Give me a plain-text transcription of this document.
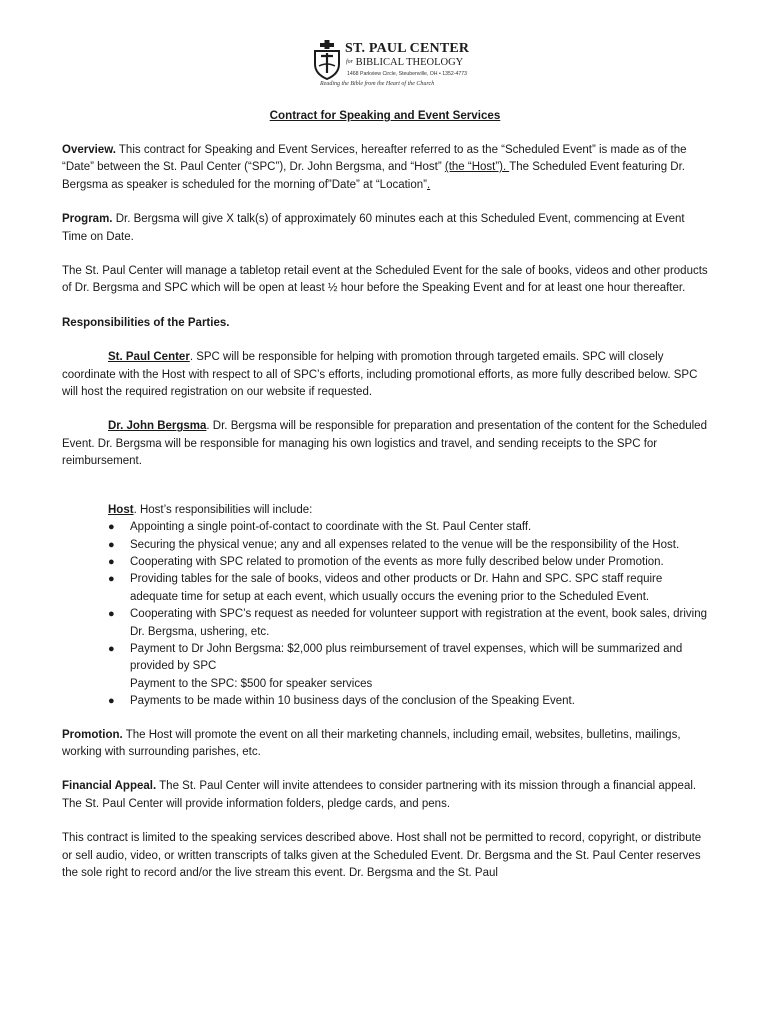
ST. PAUL CENTER
for BIBLICAL THEOLOGY
1468 Parkview Circle, Steubenville, OH • 1352-4773
Reading the Bible from the Heart of the Church
Contract for Speaking and Event Services

Overview. This contract for Speaking and Event Services, hereafter referred to as the “Scheduled Event” is made as of the “Date” between the St. Paul Center (“SPC”), Dr. John Bergsma, and “Host” (the “Host”). The Scheduled Event featuring Dr. Bergsma as speaker is scheduled for the morning of”Date” at “Location”.

Program. Dr. Bergsma will give X talk(s) of approximately 60 minutes each at this Scheduled Event, commencing at Event Time on Date.

The St. Paul Center will manage a tabletop retail event at the Scheduled Event for the sale of books, videos and other products of Dr. Bergsma and SPC which will be open at least ½ hour before the Speaking Event and for at least one hour thereafter.

Responsibilities of the Parties.

St. Paul Center. SPC will be responsible for helping with promotion through targeted emails. SPC will closely coordinate with the Host with respect to all of SPC’s efforts, including promotional efforts, as more fully described below. SPC will host the required registration on our website if requested.

Dr. John Bergsma. Dr. Bergsma will be responsible for preparation and presentation of the content for the Scheduled Event. Dr. Bergsma will be responsible for managing his own logistics and travel, and sending receipts to the SPC for reimbursement.

Host. Host’s responsibilities will include:
● Appointing a single point-of-contact to coordinate with the St. Paul Center staff.
● Securing the physical venue; any and all expenses related to the venue will be the responsibility of the Host.
● Cooperating with SPC related to promotion of the events as more fully described below under Promotion.
● Providing tables for the sale of books, videos and other products or Dr. Hahn and SPC. SPC staff require adequate time for setup at each event, which usually occurs the evening prior to the Scheduled Event.
● Cooperating with SPC’s request as needed for volunteer support with registration at the event, book sales, driving Dr. Bergsma, ushering, etc.
● Payment to Dr John Bergsma: $2,000 plus reimbursement of travel expenses, which will be summarized and provided by SPC
Payment to the SPC: $500 for speaker services
● Payments to be made within 10 business days of the conclusion of the Speaking Event.

Promotion. The Host will promote the event on all their marketing channels, including email, websites, bulletins, mailings, working with surrounding parishes, etc.

Financial Appeal. The St. Paul Center will invite attendees to consider partnering with its mission through a financial appeal. The St. Paul Center will provide information folders, pledge cards, and pens.

This contract is limited to the speaking services described above. Host shall not be permitted to record, copyright, or distribute or sell audio, video, or written transcripts of talks given at the Scheduled Event. Dr. Bergsma and the St. Paul Center reserves the sole right to record and/or the live stream this event. Dr. Bergsma and the St. Paul
